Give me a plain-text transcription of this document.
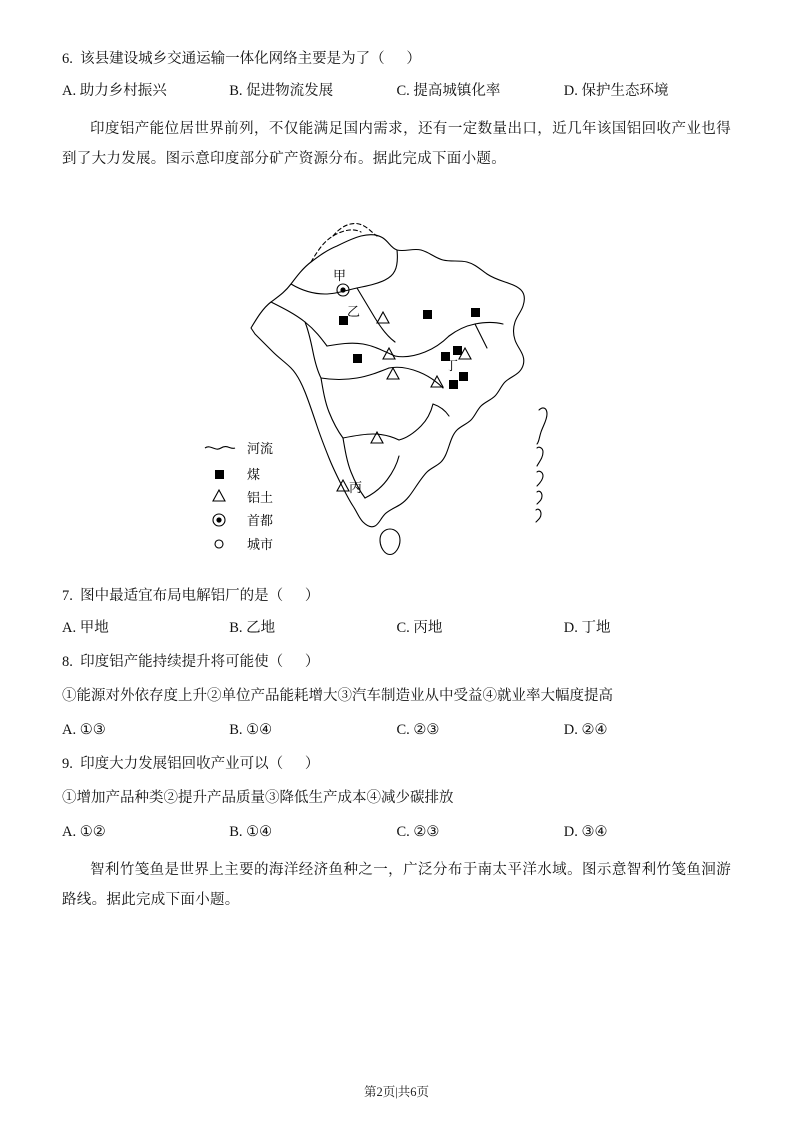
6.  该县建设城乡交通运输一体化网络主要是为了（      ）

A. 助力乡村振兴	B. 促进物流发展	C. 提高城镇化率	D. 保护生态环境

印度铝产能位居世界前列，不仅能满足国内需求，还有一定数量出口，近几年该国铝回收产业也得到了大力发展。图示意印度部分矿产资源分布。据此完成下面小题。

甲
乙
丁
丙
河流
煤
铝土
首都
城市

7.  图中最适宜布局电解铝厂的是（      ）

A. 甲地	B. 乙地	C. 丙地	D. 丁地

8.  印度铝产能持续提升将可能使（      ）

①能源对外依存度上升②单位产品能耗增大③汽车制造业从中受益④就业率大幅度提高

A. ①③	B. ①④	C. ②③	D. ②④

9.  印度大力发展铝回收产业可以（      ）

①增加产品种类②提升产品质量③降低生产成本④减少碳排放

A. ①②	B. ①④	C. ②③	D. ③④

智利竹笺鱼是世界上主要的海洋经济鱼种之一，广泛分布于南太平洋水域。图示意智利竹笺鱼洄游路线。据此完成下面小题。

第2页|共6页
